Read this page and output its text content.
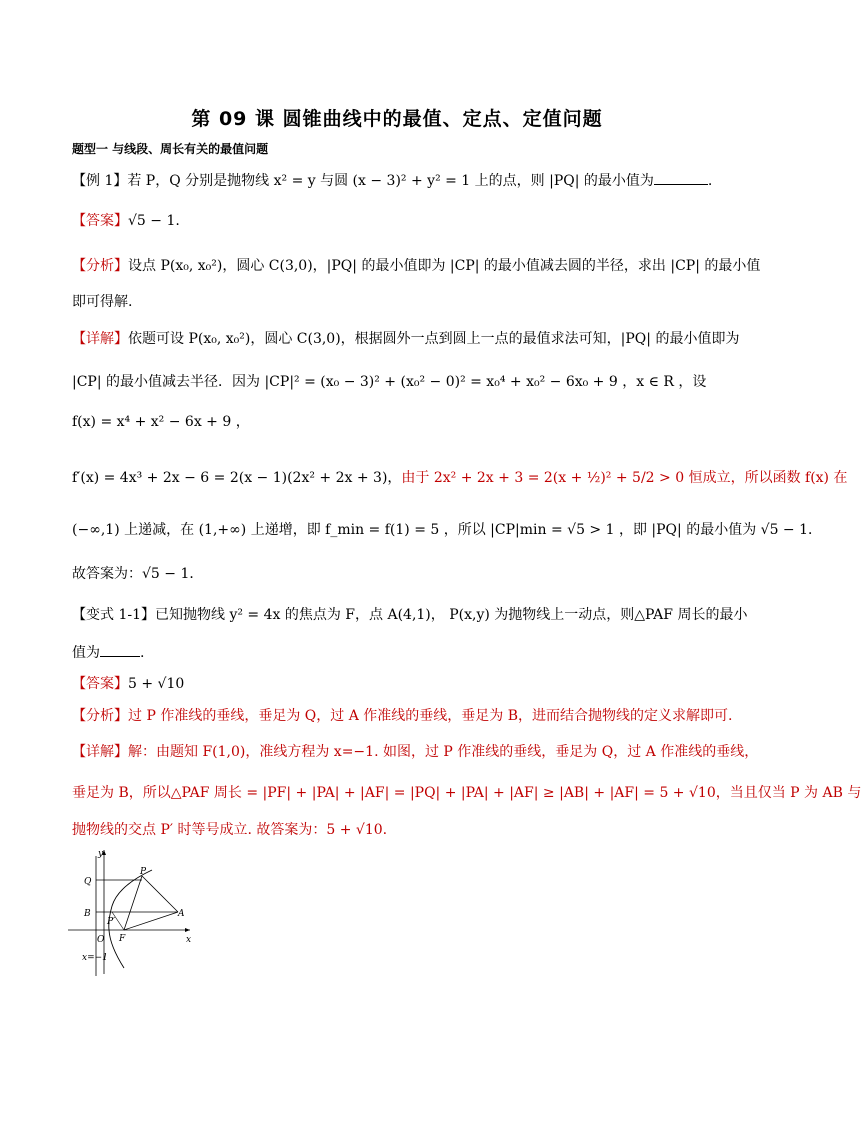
第 09 课 圆锥曲线中的最值、定点、定值问题
题型一 与线段、周长有关的最值问题
【例 1】若 P，Q 分别是抛物线 x² = y 与圆 (x − 3)² + y² = 1 上的点，则 |PQ| 的最小值为	.
【答案】√5 − 1.
【分析】设点 P(x₀, x₀²)，圆心 C(3,0)，|PQ| 的最小值即为 |CP| 的最小值减去圆的半径，求出 |CP| 的最小值
即可得解.
【详解】依题可设 P(x₀, x₀²)，圆心 C(3,0)，根据圆外一点到圆上一点的最值求法可知，|PQ| 的最小值即为
|CP| 的最小值减去半径．因为 |CP|² = (x₀ − 3)² + (x₀² − 0)² = x₀⁴ + x₀² − 6x₀ + 9 ，x ∈ R ，设
f(x) = x⁴ + x² − 6x + 9 ，
f′(x) = 4x³ + 2x − 6 = 2(x − 1)(2x² + 2x + 3)，由于 2x² + 2x + 3 = 2(x + ½)² + 5/2 > 0 恒成立，所以函数 f(x) 在
(−∞,1) 上递减，在 (1,+∞) 上递增，即 f_min = f(1) = 5 ，所以 |CP|min = √5 > 1 ，即 |PQ| 的最小值为 √5 − 1．
故答案为：√5 − 1．
【变式 1-1】已知抛物线 y² = 4x 的焦点为 F，点 A(4,1)， P(x,y) 为抛物线上一动点，则△PAF 周长的最小
值为	.
【答案】5 + √10
【分析】过 P 作准线的垂线，垂足为 Q，过 A 作准线的垂线，垂足为 B，进而结合抛物线的定义求解即可.
【详解】解：由题知 F(1,0)，准线方程为 x=−1. 如图，过 P 作准线的垂线，垂足为 Q，过 A 作准线的垂线，
垂足为 B，所以△PAF 周长 = |PF| + |PA| + |AF| = |PQ| + |PA| + |AF| ≥ |AB| + |AF| = 5 + √10，当且仅当 P 为 AB 与
抛物线的交点 P′ 时等号成立. 故答案为：5 + √10.
y
x
O
Q
B
P
P′
A
F
x=−1
